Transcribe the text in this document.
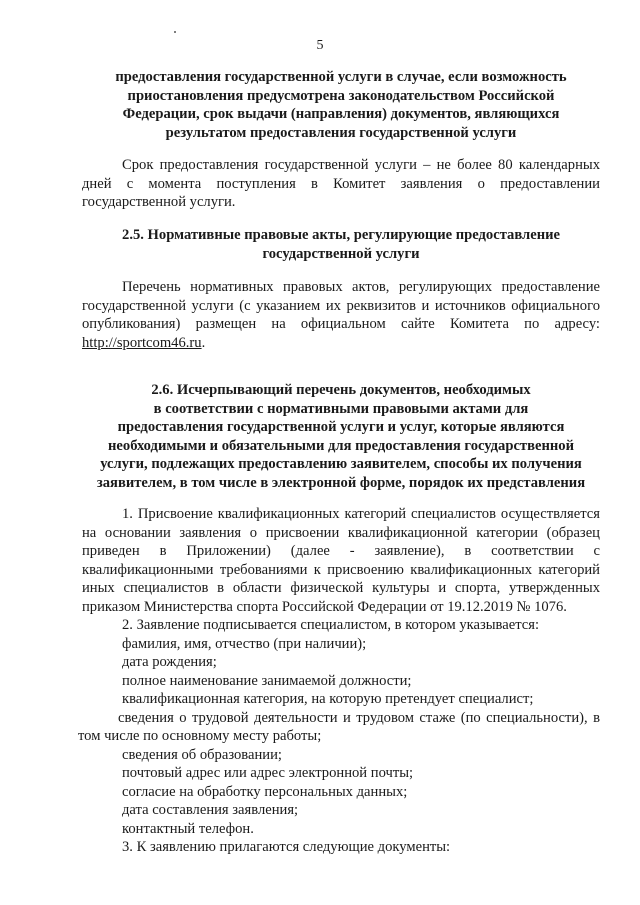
5
предоставления государственной услуги в случае, если возможность
приостановления предусмотрена законодательством Российской
Федерации, срок выдачи (направления) документов, являющихся
результатом предоставления государственной услуги

Срок предоставления государственной услуги – не более 80 календарных дней с момента поступления в Комитет заявления о предоставлении государственной услуги.

2.5. Нормативные правовые акты, регулирующие предоставление
государственной услуги

Перечень нормативных правовых актов, регулирующих предоставление государственной услуги (с указанием их реквизитов и источников официального опубликования) размещен на официальном сайте Комитета по адресу: http://sportcom46.ru.

2.6. Исчерпывающий перечень документов, необходимых
в соответствии с нормативными правовыми актами для
предоставления государственной услуги и услуг, которые являются
необходимыми и обязательными для предоставления государственной
услуги, подлежащих предоставлению заявителем, способы их получения
заявителем, в том числе в электронной форме, порядок их представления

1. Присвоение квалификационных категорий специалистов осуществляется на основании заявления о присвоении квалификационной категории (образец приведен в Приложении) (далее - заявление), в соответствии с квалификационными требованиями к присвоению квалификационных категорий иных специалистов в области физической культуры и спорта, утвержденных приказом Министерства спорта Российской Федерации от 19.12.2019 № 1076.

2. Заявление подписывается специалистом, в котором указывается:

фамилия, имя, отчество (при наличии);

дата рождения;

полное наименование занимаемой должности;

квалификационная категория, на которую претендует специалист;

сведения о трудовой деятельности и трудовом стаже (по специальности), в том числе по основному месту работы;

сведения об образовании;

почтовый адрес или адрес электронной почты;

согласие на обработку персональных данных;

дата составления заявления;

контактный телефон.

3. К заявлению прилагаются следующие документы:
